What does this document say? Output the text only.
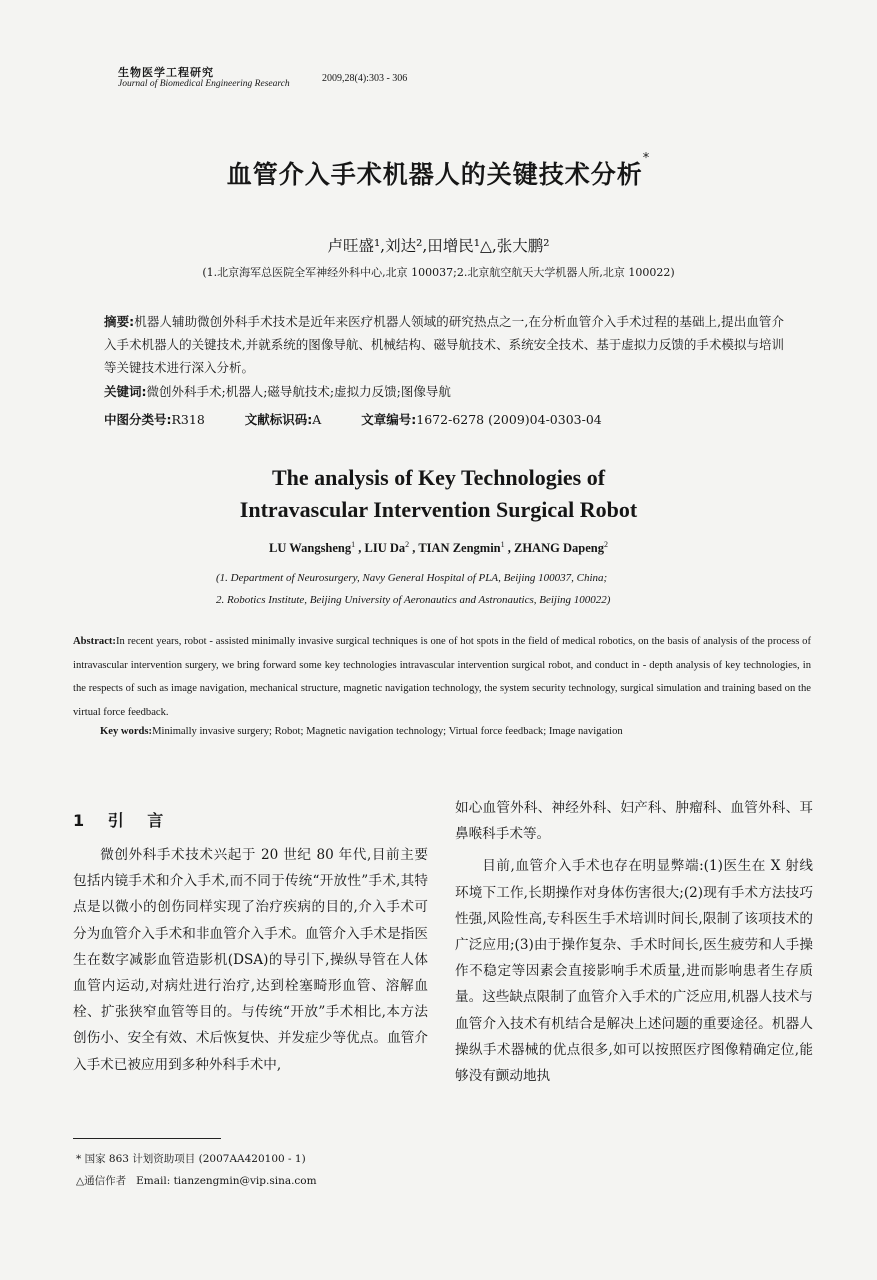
生物医学工程研究
Journal of Biomedical Engineering Research	2009,28(4):303 - 306
血管介入手术机器人的关键技术分析*
卢旺盛¹,刘达²,田增民¹△,张大鹏²
(1.北京海军总医院全军神经外科中心,北京 100037;2.北京航空航天大学机器人所,北京 100022)
摘要:机器人辅助微创外科手术技术是近年来医疗机器人领域的研究热点之一,在分析血管介入手术过程的基础上,提出血管介入手术机器人的关键技术,并就系统的图像导航、机械结构、磁导航技术、系统安全技术、基于虚拟力反馈的手术模拟与培训等关键技术进行深入分析。
关键词:微创外科手术;机器人;磁导航技术;虚拟力反馈;图像导航
中图分类号:R318	文献标识码:A	文章编号:1672-6278 (2009)04-0303-04
The analysis of Key Technologies of
Intravascular Intervention Surgical Robot
LU Wangsheng$^1$ , LIU Da$^2$ , TIAN Zengmin$^1$ , ZHANG Dapeng$^2$
(1. Department of Neurosurgery, Navy General Hospital of PLA, Beijing 100037, China;
2. Robotics Institute, Beijing University of Aeronautics and Astronautics, Beijing 100022)
Abstract:In recent years, robot - assisted minimally invasive surgical techniques is one of hot spots in the field of medical robotics, on the basis of analysis of the process of intravascular intervention surgery, we bring forward some key technologies intravascular intervention surgical robot, and conduct in - depth analysis of key technologies, in the respects of such as image navigation, mechanical structure, magnetic navigation technology, the system security technology, surgical simulation and training based on the virtual force feedback.
Key words:Minimally invasive surgery; Robot; Magnetic navigation technology; Virtual force feedback; Image navigation
1 引 言

微创外科手术技术兴起于 20 世纪 80 年代,目前主要包括内镜手术和介入手术,而不同于传统“开放性”手术,其特点是以微小的创伤同样实现了治疗疾病的目的,介入手术可分为血管介入手术和非血管介入手术。血管介入手术是指医生在数字减影血管造影机(DSA)的导引下,操纵导管在人体血管内运动,对病灶进行治疗,达到栓塞畸形血管、溶解血栓、扩张狭窄血管等目的。与传统“开放”手术相比,本方法创伤小、安全有效、术后恢复快、并发症少等优点。血管介入手术已被应用到多种外科手术中,

如心血管外科、神经外科、妇产科、肿瘤科、血管外科、耳鼻喉科手术等。

目前,血管介入手术也存在明显弊端:(1)医生在 X 射线环境下工作,长期操作对身体伤害很大;(2)现有手术方法技巧性强,风险性高,专科医生手术培训时间长,限制了该项技术的广泛应用;(3)由于操作复杂、手术时间长,医生疲劳和人手操作不稳定等因素会直接影响手术质量,进而影响患者生存质量。这些缺点限制了血管介入手术的广泛应用,机器人技术与血管介入技术有机结合是解决上述问题的重要途径。机器人操纵手术器械的优点很多,如可以按照医疗图像精确定位,能够没有颤动地执

* 国家 863 计划资助项目 (2007AA420100 - 1)
△通信作者 Email: tianzengmin@vip.sina.com
